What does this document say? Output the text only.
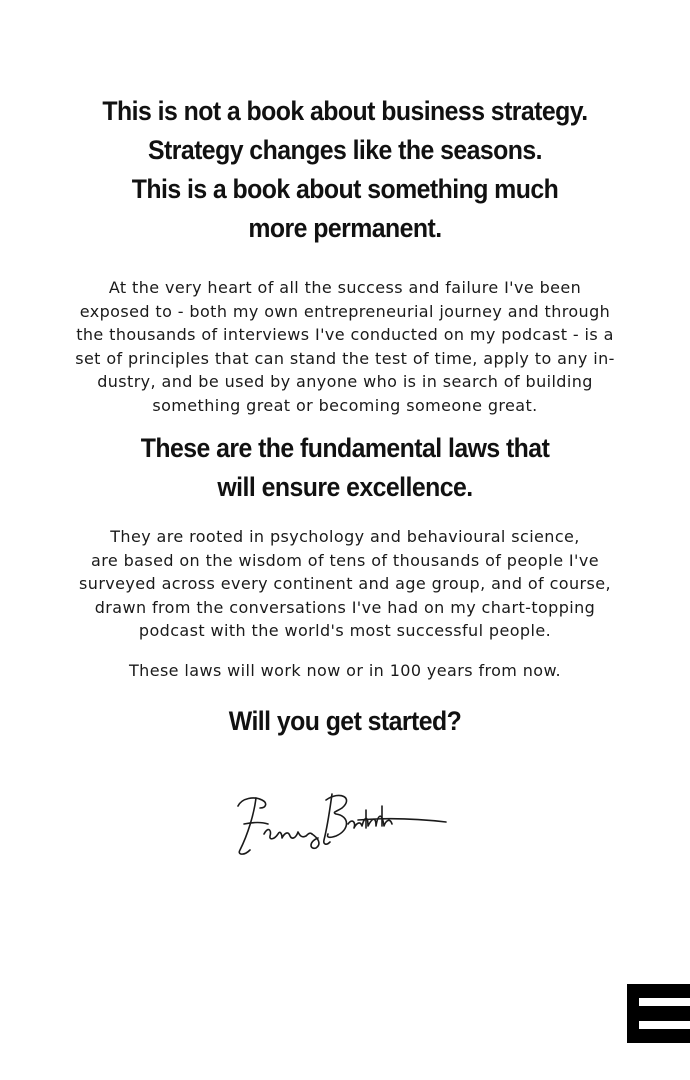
This is not a book about business strategy.
Strategy changes like the seasons.
This is a book about something much
more permanent.

At the very heart of all the success and failure I've been
exposed to - both my own entrepreneurial journey and through
the thousands of interviews I've conducted on my podcast - is a
set of principles that can stand the test of time, apply to any in-
dustry, and be used by anyone who is in search of building
something great or becoming someone great.

These are the fundamental laws that
will ensure excellence.

They are rooted in psychology and behavioural science,
are based on the wisdom of tens of thousands of people I've
surveyed across every continent and age group, and of course,
drawn from the conversations I've had on my chart-topping
podcast with the world's most successful people.

These laws will work now or in 100 years from now.

Will you get started?
